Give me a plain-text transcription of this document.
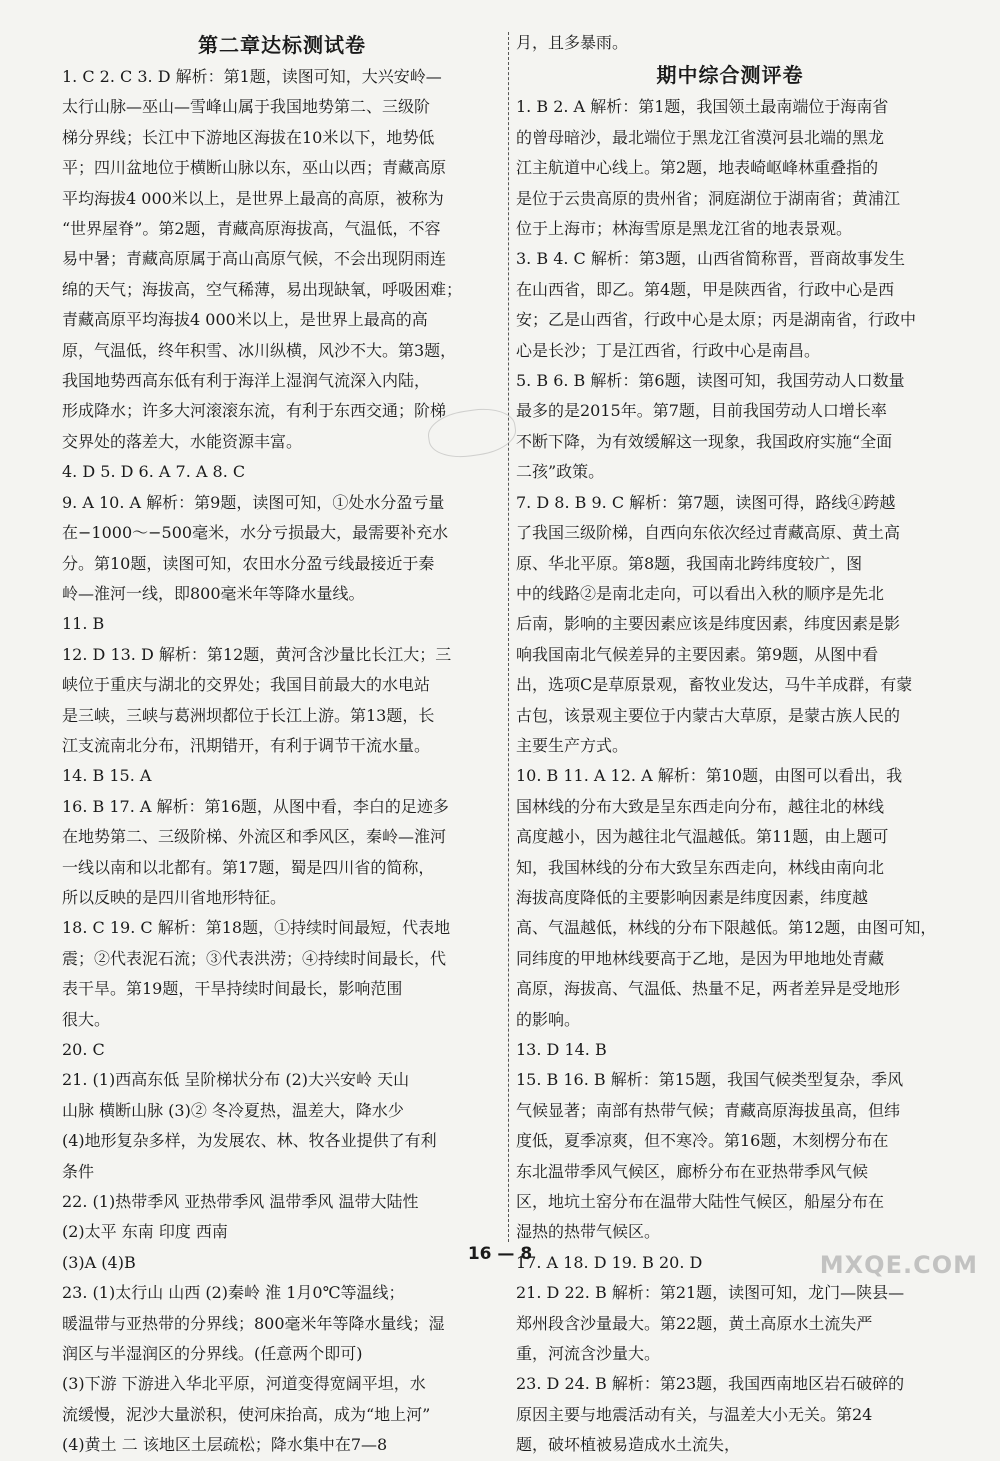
第二章达标测试卷
1. C 2. C 3. D 解析：第1题，读图可知，大兴安岭—
太行山脉—巫山—雪峰山属于我国地势第二、三级阶
梯分界线；长江中下游地区海拔在10米以下，地势低
平；四川盆地位于横断山脉以东，巫山以西；青藏高原
平均海拔4 000米以上，是世界上最高的高原，被称为
“世界屋脊”。第2题，青藏高原海拔高，气温低，不容
易中暑；青藏高原属于高山高原气候，不会出现阴雨连
绵的天气；海拔高，空气稀薄，易出现缺氧，呼吸困难；
青藏高原平均海拔4 000米以上，是世界上最高的高
原，气温低，终年积雪、冰川纵横，风沙不大。第3题，
我国地势西高东低有利于海洋上湿润气流深入内陆，
形成降水；许多大河滚滚东流，有利于东西交通；阶梯
交界处的落差大，水能资源丰富。
4. D 5. D 6. A 7. A 8. C
9. A 10. A 解析：第9题，读图可知，①处水分盈亏量
在−1000～−500毫米，水分亏损最大，最需要补充水
分。第10题，读图可知，农田水分盈亏线最接近于秦
岭—淮河一线，即800毫米年等降水量线。
11. B
12. D 13. D 解析：第12题，黄河含沙量比长江大；三
峡位于重庆与湖北的交界处；我国目前最大的水电站
是三峡，三峡与葛洲坝都位于长江上游。第13题，长
江支流南北分布，汛期错开，有利于调节干流水量。
14. B 15. A
16. B 17. A 解析：第16题，从图中看，李白的足迹多
在地势第二、三级阶梯、外流区和季风区，秦岭—淮河
一线以南和以北都有。第17题，蜀是四川省的简称，
所以反映的是四川省地形特征。
18. C 19. C 解析：第18题，①持续时间最短，代表地
震；②代表泥石流；③代表洪涝；④持续时间最长，代
表干旱。第19题，干旱持续时间最长，影响范围
很大。
20. C
21. (1)西高东低 呈阶梯状分布 (2)大兴安岭 天山
山脉 横断山脉 (3)② 冬冷夏热，温差大，降水少
(4)地形复杂多样，为发展农、林、牧各业提供了有利
条件
22. (1)热带季风 亚热带季风 温带季风 温带大陆性
(2)太平 东南 印度 西南
(3)A (4)B
23. (1)太行山 山西 (2)秦岭 淮 1月0℃等温线；
暖温带与亚热带的分界线；800毫米年等降水量线；湿
润区与半湿润区的分界线。(任意两个即可)
(3)下游 下游进入华北平原，河道变得宽阔平坦，水
流缓慢，泥沙大量淤积，使河床抬高，成为“地上河”
(4)黄土 二 该地区土层疏松；降水集中在7—8
月，且多暴雨。
期中综合测评卷
1. B 2. A 解析：第1题，我国领土最南端位于海南省
的曾母暗沙，最北端位于黑龙江省漠河县北端的黑龙
江主航道中心线上。第2题，地表崎岖峰林重叠指的
是位于云贵高原的贵州省；洞庭湖位于湖南省；黄浦江
位于上海市；林海雪原是黑龙江省的地表景观。
3. B 4. C 解析：第3题，山西省简称晋，晋商故事发生
在山西省，即乙。第4题，甲是陕西省，行政中心是西
安；乙是山西省，行政中心是太原；丙是湖南省，行政中
心是长沙；丁是江西省，行政中心是南昌。
5. B 6. B 解析：第6题，读图可知，我国劳动人口数量
最多的是2015年。第7题，目前我国劳动人口增长率
不断下降，为有效缓解这一现象，我国政府实施“全面
二孩”政策。
7. D 8. B 9. C 解析：第7题，读图可得，路线④跨越
了我国三级阶梯，自西向东依次经过青藏高原、黄土高
原、华北平原。第8题，我国南北跨纬度较广，图
中的线路②是南北走向，可以看出入秋的顺序是先北
后南，影响的主要因素应该是纬度因素，纬度因素是影
响我国南北气候差异的主要因素。第9题，从图中看
出，选项C是草原景观，畜牧业发达，马牛羊成群，有蒙
古包，该景观主要位于内蒙古大草原，是蒙古族人民的
主要生产方式。
10. B 11. A 12. A 解析：第10题，由图可以看出，我
国林线的分布大致是呈东西走向分布，越往北的林线
高度越小，因为越往北气温越低。第11题，由上题可
知，我国林线的分布大致呈东西走向，林线由南向北
海拔高度降低的主要影响因素是纬度因素，纬度越
高、气温越低，林线的分布下限越低。第12题，由图可知，
同纬度的甲地林线要高于乙地，是因为甲地地处青藏
高原，海拔高、气温低、热量不足，两者差异是受地形
的影响。
13. D 14. B
15. B 16. B 解析：第15题，我国气候类型复杂，季风
气候显著；南部有热带气候；青藏高原海拔虽高，但纬
度低，夏季凉爽，但不寒冷。第16题，木刻楞分布在
东北温带季风气候区，廊桥分布在亚热带季风气候
区，地坑土窑分布在温带大陆性气候区，船屋分布在
湿热的热带气候区。
17. A 18. D 19. B 20. D
21. D 22. B 解析：第21题，读图可知，龙门—陕县—
郑州段含沙量最大。第22题，黄土高原水土流失严
重，河流含沙量大。
23. D 24. B 解析：第23题，我国西南地区岩石破碎的
原因主要与地震活动有关，与温差大小无关。第24
题，破坏植被易造成水土流失，
16 — 8	MXQE.COM
